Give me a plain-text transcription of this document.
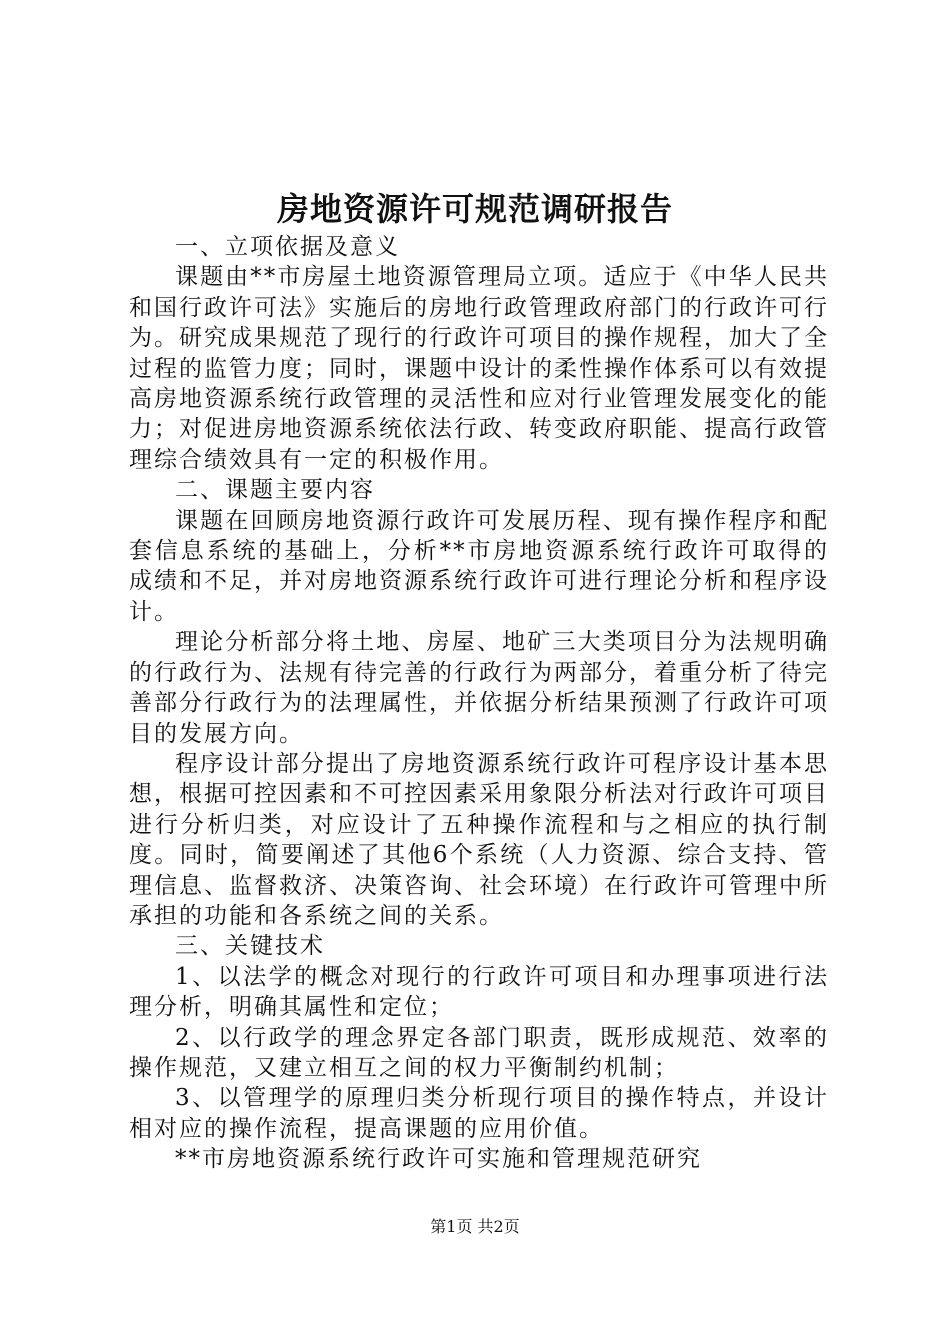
房地资源许可规范调研报告

一、立项依据及意义

课题由**市房屋土地资源管理局立项。适应于《中华人民共和国行政许可法》实施后的房地行政管理政府部门的行政许可行为。研究成果规范了现行的行政许可项目的操作规程，加大了全过程的监管力度；同时，课题中设计的柔性操作体系可以有效提高房地资源系统行政管理的灵活性和应对行业管理发展变化的能力；对促进房地资源系统依法行政、转变政府职能、提高行政管理综合绩效具有一定的积极作用。

二、课题主要内容

课题在回顾房地资源行政许可发展历程、现有操作程序和配套信息系统的基础上，分析**市房地资源系统行政许可取得的成绩和不足，并对房地资源系统行政许可进行理论分析和程序设计。

理论分析部分将土地、房屋、地矿三大类项目分为法规明确的行政行为、法规有待完善的行政行为两部分，着重分析了待完善部分行政行为的法理属性，并依据分析结果预测了行政许可项目的发展方向。

程序设计部分提出了房地资源系统行政许可程序设计基本思想，根据可控因素和不可控因素采用象限分析法对行政许可项目进行分析归类，对应设计了五种操作流程和与之相应的执行制度。同时，简要阐述了其他6个系统（人力资源、综合支持、管理信息、监督救济、决策咨询、社会环境）在行政许可管理中所承担的功能和各系统之间的关系。

三、关键技术

1、以法学的概念对现行的行政许可项目和办理事项进行法理分析，明确其属性和定位；

2、以行政学的理念界定各部门职责，既形成规范、效率的操作规范，又建立相互之间的权力平衡制约机制；

3、以管理学的原理归类分析现行项目的操作特点，并设计相对应的操作流程，提高课题的应用价值。

**市房地资源系统行政许可实施和管理规范研究

第1页 共2页
